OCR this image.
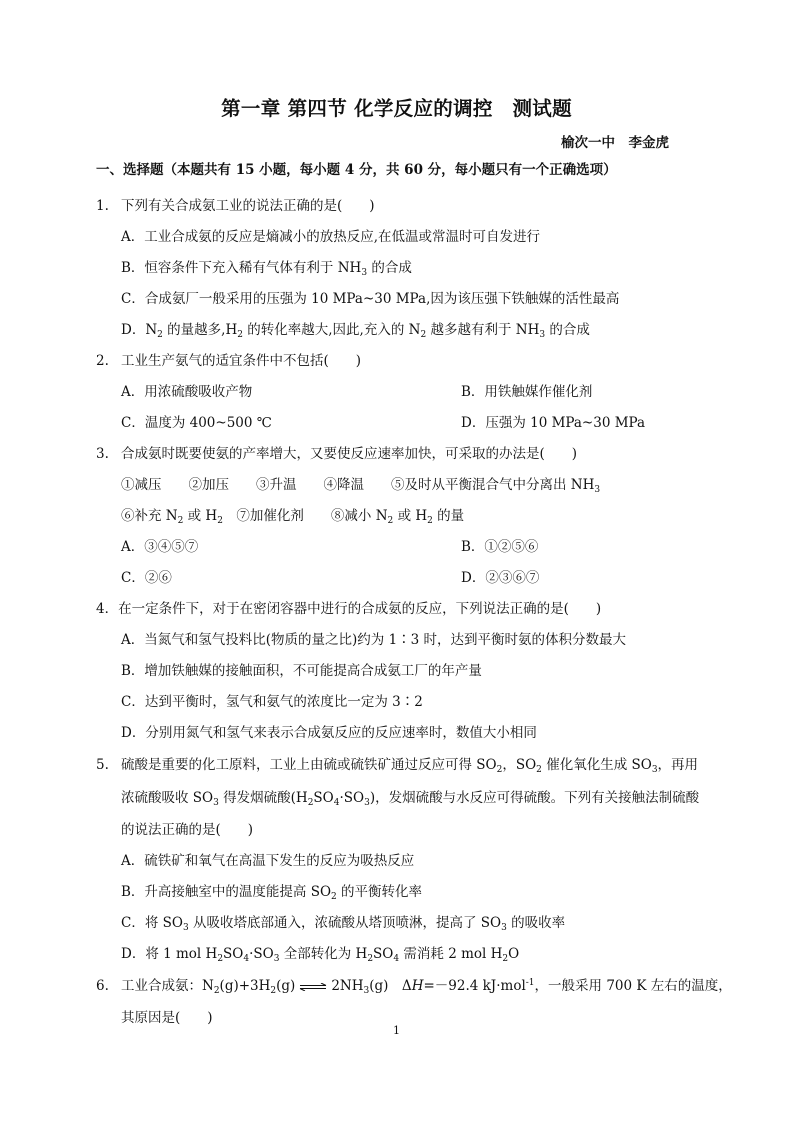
第一章 第四节 化学反应的调控　测试题
榆次一中　李金虎
一、选择题（本题共有 15 小题，每小题 4 分，共 60 分，每小题只有一个正确选项）
1. 下列有关合成氨工业的说法正确的是(　　)
A．工业合成氨的反应是熵减小的放热反应,在低温或常温时可自发进行
B．恒容条件下充入稀有气体有利于 $NH_3$ 的合成
C．合成氨厂一般采用的压强为 10 MPa~30 MPa,因为该压强下铁触媒的活性最高
D．$N_2$ 的量越多$,H_2$ 的转化率越大,因此,充入的 $N_2$ 越多越有利于 $NH_3$ 的合成
2. 工业生产氨气的适宜条件中不包括(　　)
A．用浓硫酸吸收产物	B．用铁触媒作催化剂
C．温度为 400~500 ℃	D．压强为 10 MPa~30 MPa
3. 合成氨时既要使氨的产率增大，又要使反应速率加快，可采取的办法是(　　)
①减压　　②加压　　③升温　　④降温　　⑤及时从平衡混合气中分离出 $NH_3$
⑥补充 $N_2$ 或 $H_2$　⑦加催化剂　　⑧减小 $N_2$ 或 $H_2$ 的量
A．③④⑤⑦	B．①②⑤⑥
C．②⑥	D．②③⑥⑦
4．在一定条件下，对于在密闭容器中进行的合成氨的反应，下列说法正确的是(　　)
A．当氮气和氢气投料比(物质的量之比)约为 1∶3 时，达到平衡时氨的体积分数最大
B．增加铁触媒的接触面积，不可能提高合成氨工厂的年产量
C．达到平衡时，氢气和氨气的浓度比一定为 3∶2
D．分别用氮气和氢气来表示合成氨反应的反应速率时，数值大小相同
5. 硫酸是重要的化工原料，工业上由硫或硫铁矿通过反应可得 $SO_2$，$SO_2$ 催化氧化生成 $SO_3$，再用
浓硫酸吸收 $SO_3$ 得发烟硫酸$(H_2SO_4\cdot SO_3)$，发烟硫酸与水反应可得硫酸。下列有关接触法制硫酸
的说法正确的是(　　)
A．硫铁矿和氧气在高温下发生的反应为吸热反应
B．升高接触室中的温度能提高 $SO_2$ 的平衡转化率
C．将 $SO_3$ 从吸收塔底部通入，浓硫酸从塔顶喷淋，提高了 $SO_3$ 的吸收率
D．将 1 mol $H_2SO_4\cdot SO_3$ 全部转化为 $H_2SO_4$ 需消耗 2 mol $H_2O$
6. 工业合成氨：$N_2(g)+3H_2(g)$ ⇌ $2NH_3(g)$　ΔH=－92.4 kJ·mol$^{-1}$，一般采用 700 K 左右的温度，
其原因是(　　)
1
